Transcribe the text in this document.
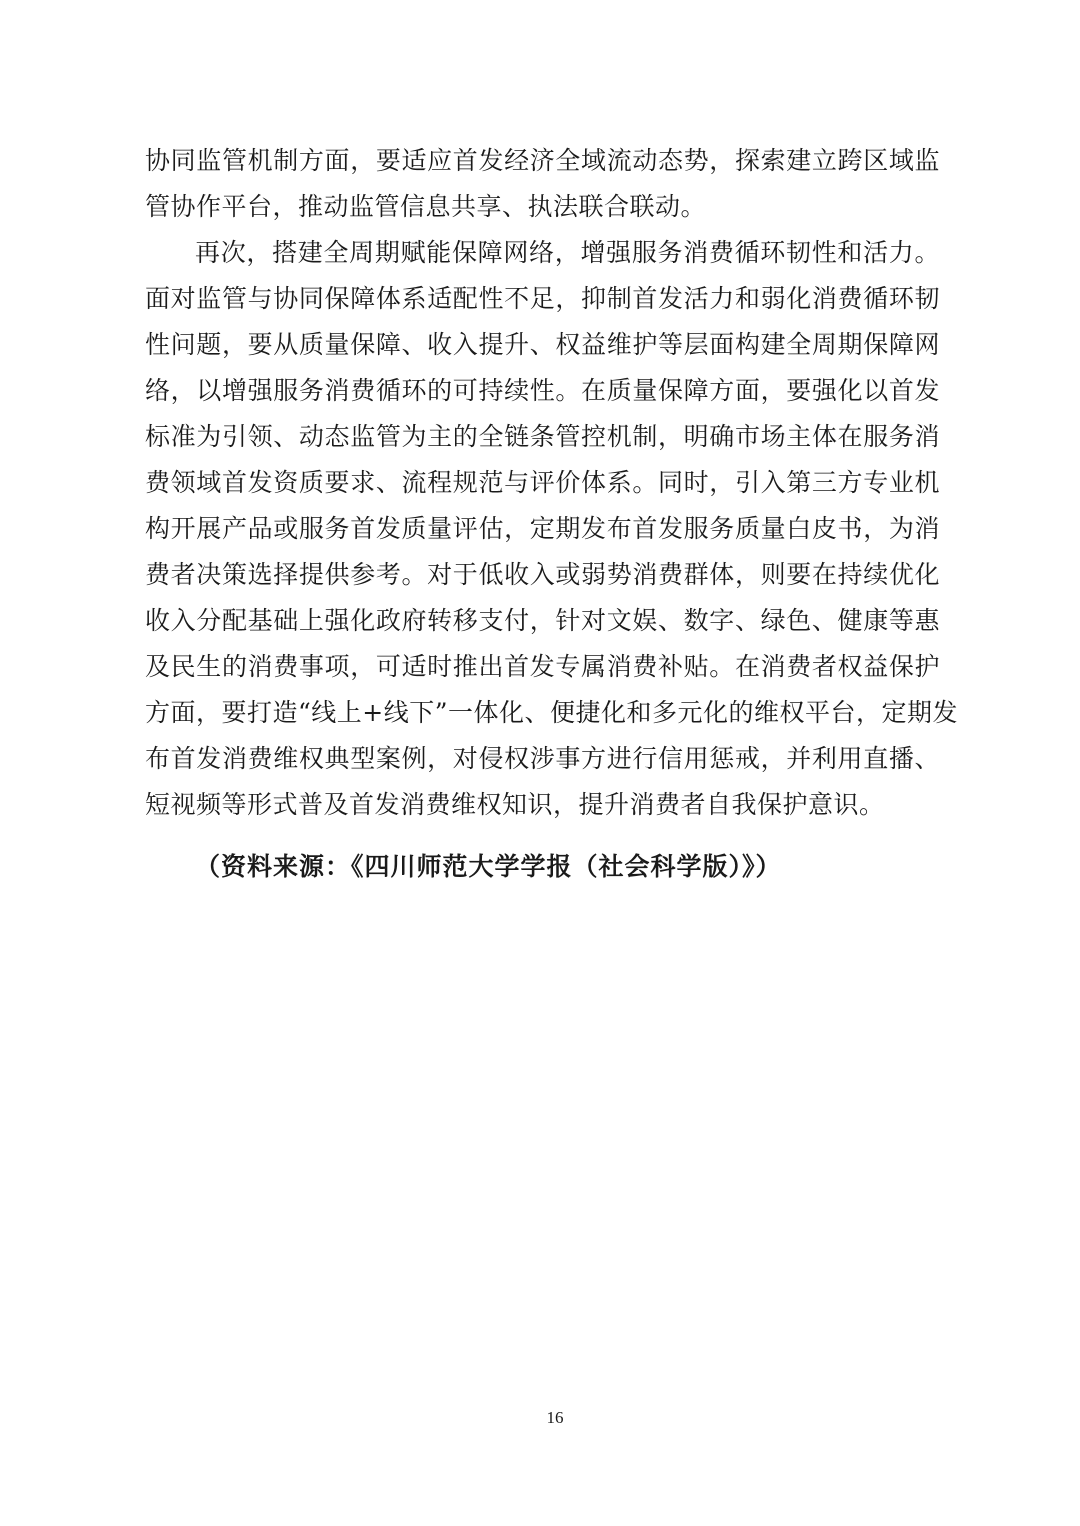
协同监管机制方面，要适应首发经济全域流动态势，探索建立跨区域监
管协作平台，推动监管信息共享、执法联合联动。
再次，搭建全周期赋能保障网络，增强服务消费循环韧性和活力。
面对监管与协同保障体系适配性不足，抑制首发活力和弱化消费循环韧
性问题，要从质量保障、收入提升、权益维护等层面构建全周期保障网
络，以增强服务消费循环的可持续性。在质量保障方面，要强化以首发
标准为引领、动态监管为主的全链条管控机制，明确市场主体在服务消
费领域首发资质要求、流程规范与评价体系。同时，引入第三方专业机
构开展产品或服务首发质量评估，定期发布首发服务质量白皮书，为消
费者决策选择提供参考。对于低收入或弱势消费群体，则要在持续优化
收入分配基础上强化政府转移支付，针对文娱、数字、绿色、健康等惠
及民生的消费事项，可适时推出首发专属消费补贴。在消费者权益保护
方面，要打造“线上+线下”一体化、便捷化和多元化的维权平台，定期发
布首发消费维权典型案例，对侵权涉事方进行信用惩戒，并利用直播、
短视频等形式普及首发消费维权知识，提升消费者自我保护意识。
（资料来源：《四川师范大学学报（社会科学版）》）
16
